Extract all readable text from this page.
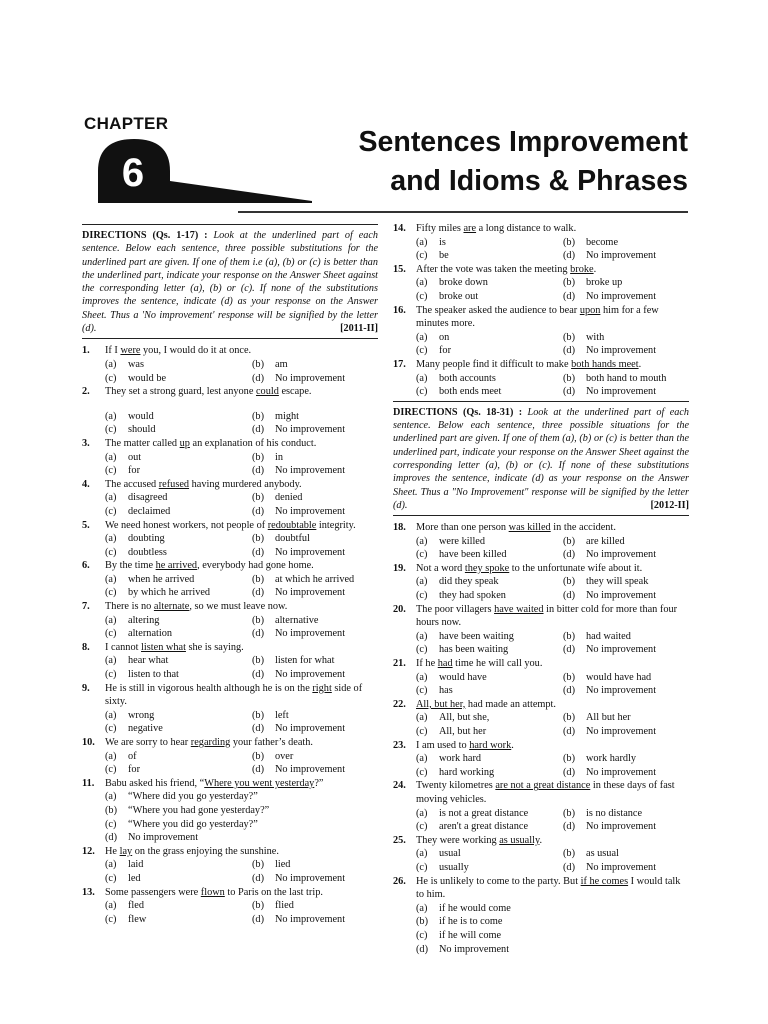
CHAPTER
6
Sentences Improvement
and Idioms & Phrases
DIRECTIONS (Qs. 1-17) : Look at the underlined part of each sentence. Below each sentence, three possible substitutions for the underlined part are given. If one of them i.e (a), (b) or (c) is better than the underlined part, indicate your response on the Answer Sheet against the corresponding letter (a), (b) or (c). If none of the substitutions improves the sentence, indicate (d) as your response on the Answer Sheet. Thus a 'No improvement' response will be signified by the letter (d).	[2011-II]
1. If I were you, I would do it at once.
(a) was	(b) am
(c) would be	(d) No improvement
2. They set a strong guard, lest anyone could escape.
(a) would	(b) might
(c) should	(d) No improvement
3. The matter called up an explanation of his conduct.
(a) out	(b) in
(c) for	(d) No improvement
4. The accused refused having murdered anybody.
(a) disagreed	(b) denied
(c) declaimed	(d) No improvement
5. We need honest workers, not people of redoubtable integrity.
(a) doubting	(b) doubtful
(c) doubtless	(d) No improvement
6. By the time he arrived, everybody had gone home.
(a) when he arrived	(b) at which he arrived
(c) by which he arrived	(d) No improvement
7. There is no alternate, so we must leave now.
(a) altering	(b) alternative
(c) alternation	(d) No improvement
8. I cannot listen what she is saying.
(a) hear what	(b) listen for what
(c) listen to that	(d) No improvement
9. He is still in vigorous health although he is on the right side of sixty.
(a) wrong	(b) left
(c) negative	(d) No improvement
10. We are sorry to hear regarding your father’s death.
(a) of	(b) over
(c) for	(d) No improvement
11. Babu asked his friend, “Where you went yesterday?”
(a) “Where did you go yesterday?”
(b) “Where you had gone yesterday?”
(c) “Where you did go yesterday?”
(d) No improvement
12. He lay on the grass enjoying the sunshine.
(a) laid	(b) lied
(c) led	(d) No improvement
13. Some passengers were flown to Paris on the last trip.
(a) fled	(b) flied
(c) flew	(d) No improvement
14. Fifty miles are a long distance to walk.
(a) is	(b) become
(c) be	(d) No improvement
15. After the vote was taken the meeting broke.
(a) broke down	(b) broke up
(c) broke out	(d) No improvement
16. The speaker asked the audience to bear upon him for a few minutes more.
(a) on	(b) with
(c) for	(d) No improvement
17. Many people find it difficult to make both hands meet.
(a) both accounts	(b) both hand to mouth
(c) both ends meet	(d) No improvement
DIRECTIONS (Qs. 18-31) : Look at the underlined part of each sentence. Below each sentence, three possible situations for the underlined part are given. If one of them (a), (b) or (c) is better than the underlined part, indicate your response on the Answer Sheet against the corresponding letter (a), (b) or (c). If none of these substitutions improves the sentence, indicate (d) as your response on the Answer Sheet. Thus a "No Improvement" response will be signified by the letter (d).	[2012-II]
18. More than one person was killed in the accident.
(a) were killed	(b) are killed
(c) have been killed	(d) No improvement
19. Not a word they spoke to the unfortunate wife about it.
(a) did they speak	(b) they will speak
(c) they had spoken	(d) No improvement
20. The poor villagers have waited in bitter cold for more than four hours now.
(a) have been waiting	(b) had waited
(c) has been waiting	(d) No improvement
21. If he had time he will call you.
(a) would have	(b) would have had
(c) has	(d) No improvement
22. All, but her, had made an attempt.
(a) All, but she,	(b) All but her
(c) All, but her	(d) No improvement
23. I am used to hard work.
(a) work hard	(b) work hardly
(c) hard working	(d) No improvement
24. Twenty kilometres are not a great distance in these days of fast moving vehicles.
(a) is not a great distance	(b) is no distance
(c) aren't a great distance	(d) No improvement
25. They were working as usually.
(a) usual	(b) as usual
(c) usually	(d) No improvement
26. He is unlikely to come to the party. But if he comes I would talk to him.
(a) if he would come
(b) if he is to come
(c) if he will come
(d) No improvement
